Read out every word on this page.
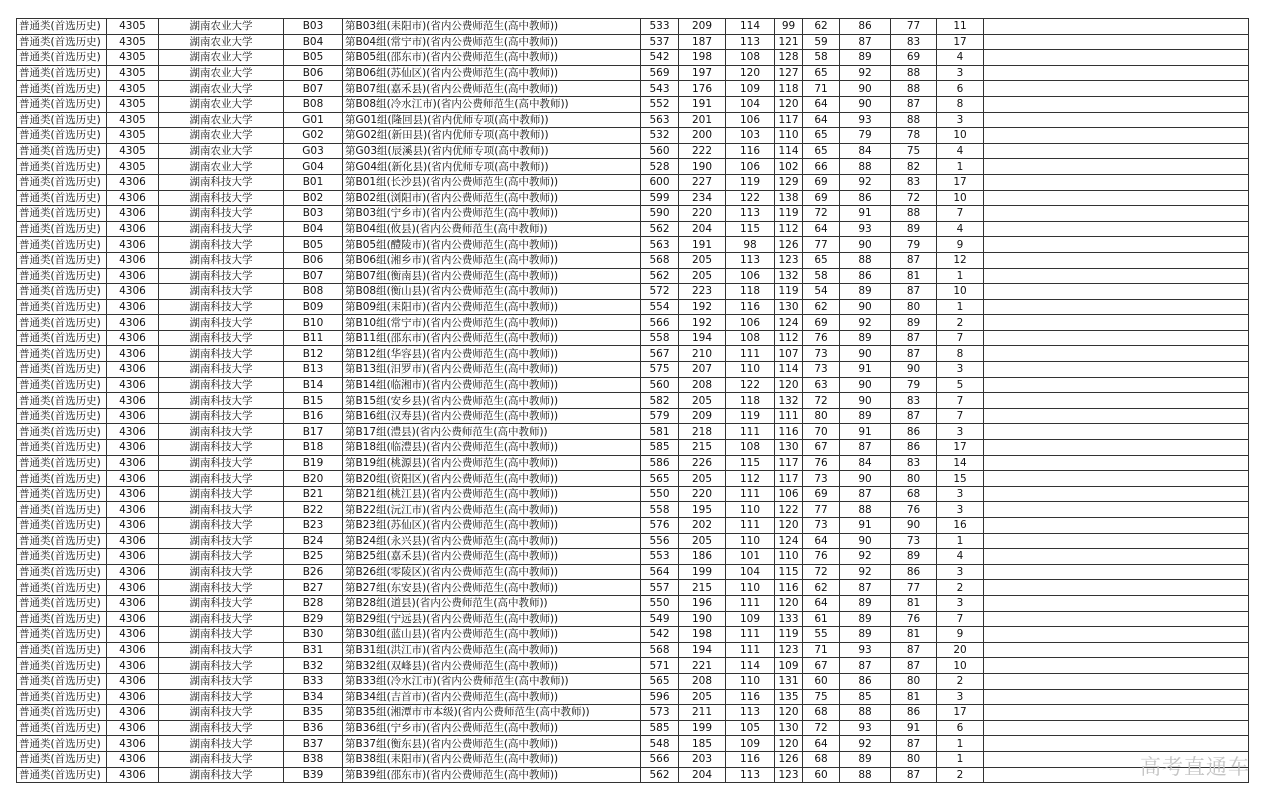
普通类(首选历史)	4305	湖南农业大学	B03	第B03组(耒阳市)(省内公费师范生(高中教师))	533	209	114	99	62	86	77	11	
普通类(首选历史)	4305	湖南农业大学	B04	第B04组(常宁市)(省内公费师范生(高中教师))	537	187	113	121	59	87	83	17	
普通类(首选历史)	4305	湖南农业大学	B05	第B05组(邵东市)(省内公费师范生(高中教师))	542	198	108	128	58	89	69	4	
普通类(首选历史)	4305	湖南农业大学	B06	第B06组(苏仙区)(省内公费师范生(高中教师))	569	197	120	127	65	92	88	3	
普通类(首选历史)	4305	湖南农业大学	B07	第B07组(嘉禾县)(省内公费师范生(高中教师))	543	176	109	118	71	90	88	6	
普通类(首选历史)	4305	湖南农业大学	B08	第B08组(冷水江市)(省内公费师范生(高中教师))	552	191	104	120	64	90	87	8	
普通类(首选历史)	4305	湖南农业大学	G01	第G01组(隆回县)(省内优师专项(高中教师))	563	201	106	117	64	93	88	3	
普通类(首选历史)	4305	湖南农业大学	G02	第G02组(新田县)(省内优师专项(高中教师))	532	200	103	110	65	79	78	10	
普通类(首选历史)	4305	湖南农业大学	G03	第G03组(辰溪县)(省内优师专项(高中教师))	560	222	116	114	65	84	75	4	
普通类(首选历史)	4305	湖南农业大学	G04	第G04组(新化县)(省内优师专项(高中教师))	528	190	106	102	66	88	82	1	
普通类(首选历史)	4306	湖南科技大学	B01	第B01组(长沙县)(省内公费师范生(高中教师))	600	227	119	129	69	92	83	17	
普通类(首选历史)	4306	湖南科技大学	B02	第B02组(浏阳市)(省内公费师范生(高中教师))	599	234	122	138	69	86	72	10	
普通类(首选历史)	4306	湖南科技大学	B03	第B03组(宁乡市)(省内公费师范生(高中教师))	590	220	113	119	72	91	88	7	
普通类(首选历史)	4306	湖南科技大学	B04	第B04组(攸县)(省内公费师范生(高中教师))	562	204	115	112	64	93	89	4	
普通类(首选历史)	4306	湖南科技大学	B05	第B05组(醴陵市)(省内公费师范生(高中教师))	563	191	98	126	77	90	79	9	
普通类(首选历史)	4306	湖南科技大学	B06	第B06组(湘乡市)(省内公费师范生(高中教师))	568	205	113	123	65	88	87	12	
普通类(首选历史)	4306	湖南科技大学	B07	第B07组(衡南县)(省内公费师范生(高中教师))	562	205	106	132	58	86	81	1	
普通类(首选历史)	4306	湖南科技大学	B08	第B08组(衡山县)(省内公费师范生(高中教师))	572	223	118	119	54	89	87	10	
普通类(首选历史)	4306	湖南科技大学	B09	第B09组(耒阳市)(省内公费师范生(高中教师))	554	192	116	130	62	90	80	1	
普通类(首选历史)	4306	湖南科技大学	B10	第B10组(常宁市)(省内公费师范生(高中教师))	566	192	106	124	69	92	89	2	
普通类(首选历史)	4306	湖南科技大学	B11	第B11组(邵东市)(省内公费师范生(高中教师))	558	194	108	112	76	89	87	7	
普通类(首选历史)	4306	湖南科技大学	B12	第B12组(华容县)(省内公费师范生(高中教师))	567	210	111	107	73	90	87	8	
普通类(首选历史)	4306	湖南科技大学	B13	第B13组(汨罗市)(省内公费师范生(高中教师))	575	207	110	114	73	91	90	3	
普通类(首选历史)	4306	湖南科技大学	B14	第B14组(临湘市)(省内公费师范生(高中教师))	560	208	122	120	63	90	79	5	
普通类(首选历史)	4306	湖南科技大学	B15	第B15组(安乡县)(省内公费师范生(高中教师))	582	205	118	132	72	90	83	7	
普通类(首选历史)	4306	湖南科技大学	B16	第B16组(汉寿县)(省内公费师范生(高中教师))	579	209	119	111	80	89	87	7	
普通类(首选历史)	4306	湖南科技大学	B17	第B17组(澧县)(省内公费师范生(高中教师))	581	218	111	116	70	91	86	3	
普通类(首选历史)	4306	湖南科技大学	B18	第B18组(临澧县)(省内公费师范生(高中教师))	585	215	108	130	67	87	86	17	
普通类(首选历史)	4306	湖南科技大学	B19	第B19组(桃源县)(省内公费师范生(高中教师))	586	226	115	117	76	84	83	14	
普通类(首选历史)	4306	湖南科技大学	B20	第B20组(资阳区)(省内公费师范生(高中教师))	565	205	112	117	73	90	80	15	
普通类(首选历史)	4306	湖南科技大学	B21	第B21组(桃江县)(省内公费师范生(高中教师))	550	220	111	106	69	87	68	3	
普通类(首选历史)	4306	湖南科技大学	B22	第B22组(沅江市)(省内公费师范生(高中教师))	558	195	110	122	77	88	76	3	
普通类(首选历史)	4306	湖南科技大学	B23	第B23组(苏仙区)(省内公费师范生(高中教师))	576	202	111	120	73	91	90	16	
普通类(首选历史)	4306	湖南科技大学	B24	第B24组(永兴县)(省内公费师范生(高中教师))	556	205	110	124	64	90	73	1	
普通类(首选历史)	4306	湖南科技大学	B25	第B25组(嘉禾县)(省内公费师范生(高中教师))	553	186	101	110	76	92	89	4	
普通类(首选历史)	4306	湖南科技大学	B26	第B26组(零陵区)(省内公费师范生(高中教师))	564	199	104	115	72	92	86	3	
普通类(首选历史)	4306	湖南科技大学	B27	第B27组(东安县)(省内公费师范生(高中教师))	557	215	110	116	62	87	77	2	
普通类(首选历史)	4306	湖南科技大学	B28	第B28组(道县)(省内公费师范生(高中教师))	550	196	111	120	64	89	81	3	
普通类(首选历史)	4306	湖南科技大学	B29	第B29组(宁远县)(省内公费师范生(高中教师))	549	190	109	133	61	89	76	7	
普通类(首选历史)	4306	湖南科技大学	B30	第B30组(蓝山县)(省内公费师范生(高中教师))	542	198	111	119	55	89	81	9	
普通类(首选历史)	4306	湖南科技大学	B31	第B31组(洪江市)(省内公费师范生(高中教师))	568	194	111	123	71	93	87	20	
普通类(首选历史)	4306	湖南科技大学	B32	第B32组(双峰县)(省内公费师范生(高中教师))	571	221	114	109	67	87	87	10	
普通类(首选历史)	4306	湖南科技大学	B33	第B33组(冷水江市)(省内公费师范生(高中教师))	565	208	110	131	60	86	80	2	
普通类(首选历史)	4306	湖南科技大学	B34	第B34组(吉首市)(省内公费师范生(高中教师))	596	205	116	135	75	85	81	3	
普通类(首选历史)	4306	湖南科技大学	B35	第B35组(湘潭市市本级)(省内公费师范生(高中教师))	573	211	113	120	68	88	86	17	
普通类(首选历史)	4306	湖南科技大学	B36	第B36组(宁乡市)(省内公费师范生(高中教师))	585	199	105	130	72	93	91	6	
普通类(首选历史)	4306	湖南科技大学	B37	第B37组(衡东县)(省内公费师范生(高中教师))	548	185	109	120	64	92	87	1	
普通类(首选历史)	4306	湖南科技大学	B38	第B38组(耒阳市)(省内公费师范生(高中教师))	566	203	116	126	68	89	80	1	
普通类(首选历史)	4306	湖南科技大学	B39	第B39组(邵东市)(省内公费师范生(高中教师))	562	204	113	123	60	88	87	2		高考直通车
